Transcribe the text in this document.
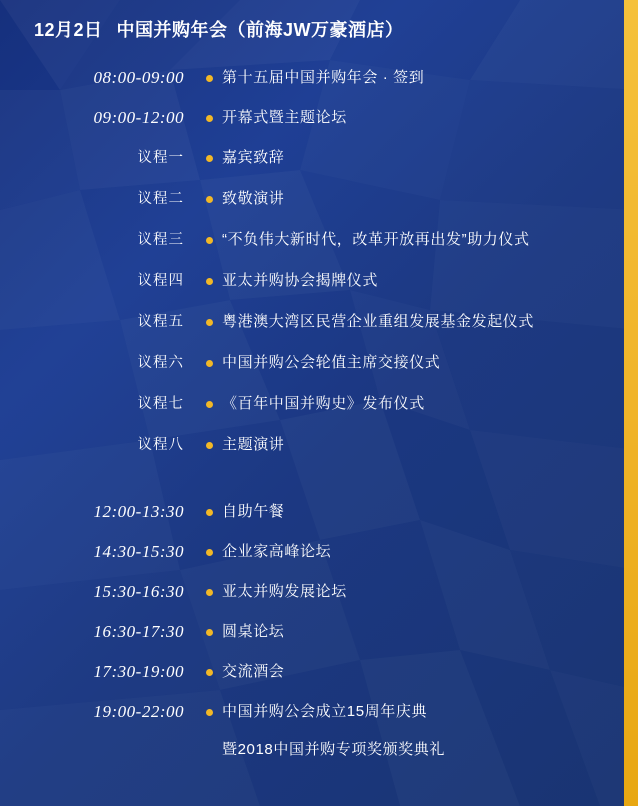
12月2日 中国并购年会（前海JW万豪酒店）
08:00-09:00	第十五届中国并购年会 · 签到
09:00-12:00	开幕式暨主题论坛
议程一	嘉宾致辞
议程二	致敬演讲
议程三	“不负伟大新时代，改革开放再出发”助力仪式
议程四	亚太并购协会揭牌仪式
议程五	粤港澳大湾区民营企业重组发展基金发起仪式
议程六	中国并购公会轮值主席交接仪式
议程七	《百年中国并购史》发布仪式
议程八	主题演讲
12:00-13:30	自助午餐
14:30-15:30	企业家高峰论坛
15:30-16:30	亚太并购发展论坛
16:30-17:30	圆桌论坛
17:30-19:00	交流酒会
19:00-22:00	中国并购公会成立15周年庆典
暨2018中国并购专项奖颁奖典礼
